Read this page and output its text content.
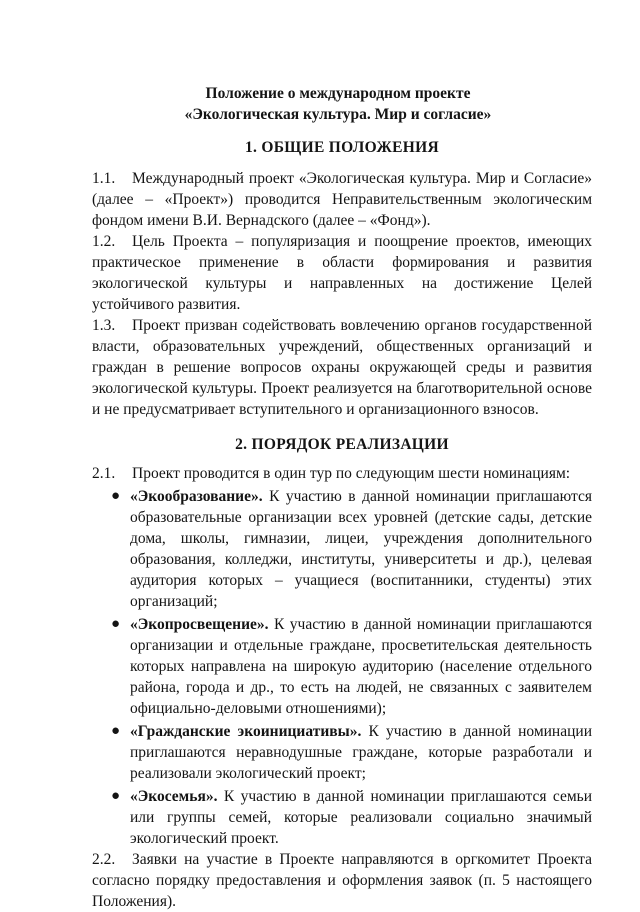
Положение о международном проекте
«Экологическая культура. Мир и согласие»
1. ОБЩИЕ ПОЛОЖЕНИЯ

1.1. Международный проект «Экологическая культура. Мир и Согласие» (далее – «Проект») проводится Неправительственным экологическим фондом имени В.И. Вернадского (далее – «Фонд»).

1.2. Цель Проекта – популяризация и поощрение проектов, имеющих практическое применение в области формирования и развития экологической культуры и направленных на достижение Целей устойчивого развития.

1.3. Проект призван содействовать вовлечению органов государственной власти, образовательных учреждений, общественных организаций и граждан в решение вопросов охраны окружающей среды и развития экологической культуры. Проект реализуется на благотворительной основе и не предусматривает вступительного и организационного взносов.

2. ПОРЯДОК РЕАЛИЗАЦИИ

2.1. Проект проводится в один тур по следующим шести номинациям:

● «Экообразование». К участию в данной номинации приглашаются образовательные организации всех уровней (детские сады, детские дома, школы, гимназии, лицеи, учреждения дополнительного образования, колледжи, институты, университеты и др.), целевая аудитория которых – учащиеся (воспитанники, студенты) этих организаций;
● «Экопросвещение». К участию в данной номинации приглашаются организации и отдельные граждане, просветительская деятельность которых направлена на широкую аудиторию (население отдельного района, города и др., то есть на людей, не связанных с заявителем официально-деловыми отношениями);
● «Гражданские экоинициативы». К участию в данной номинации приглашаются неравнодушные граждане, которые разработали и реализовали экологический проект;
● «Экосемья». К участию в данной номинации приглашаются семьи или группы семей, которые реализовали социально значимый экологический проект.

2.2. Заявки на участие в Проекте направляются в оргкомитет Проекта согласно порядку предоставления и оформления заявок (п. 5 настоящего Положения).
